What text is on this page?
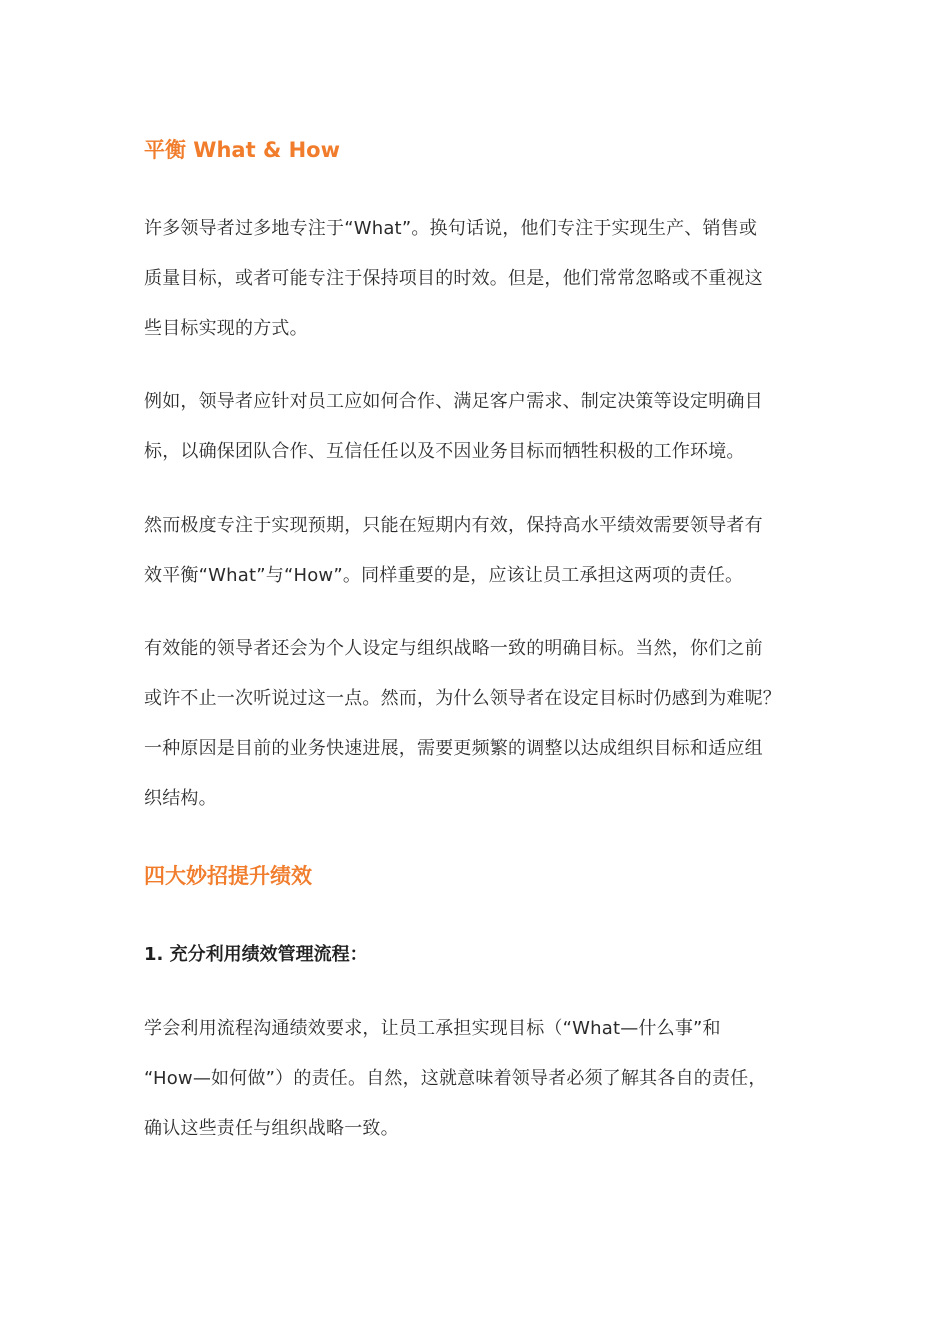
平衡 What & How

许多领导者过多地专注于“What”。换句话说，他们专注于实现生产、销售或
质量目标，或者可能专注于保持项目的时效。但是，他们常常忽略或不重视这
些目标实现的方式。

例如，领导者应针对员工应如何合作、满足客户需求、制定决策等设定明确目
标，以确保团队合作、互信任任以及不因业务目标而牺牲积极的工作环境。

然而极度专注于实现预期，只能在短期内有效，保持高水平绩效需要领导者有
效平衡“What”与“How”。同样重要的是，应该让员工承担这两项的责任。

有效能的领导者还会为个人设定与组织战略一致的明确目标。当然，你们之前
或许不止一次听说过这一点。然而，为什么领导者在设定目标时仍感到为难呢？
一种原因是目前的业务快速进展，需要更频繁的调整以达成组织目标和适应组
织结构。

四大妙招提升绩效
1. 充分利用绩效管理流程：

学会利用流程沟通绩效要求，让员工承担实现目标（“What—什么事”和
“How—如何做”）的责任。自然，这就意味着领导者必须了解其各自的责任，
确认这些责任与组织战略一致。
